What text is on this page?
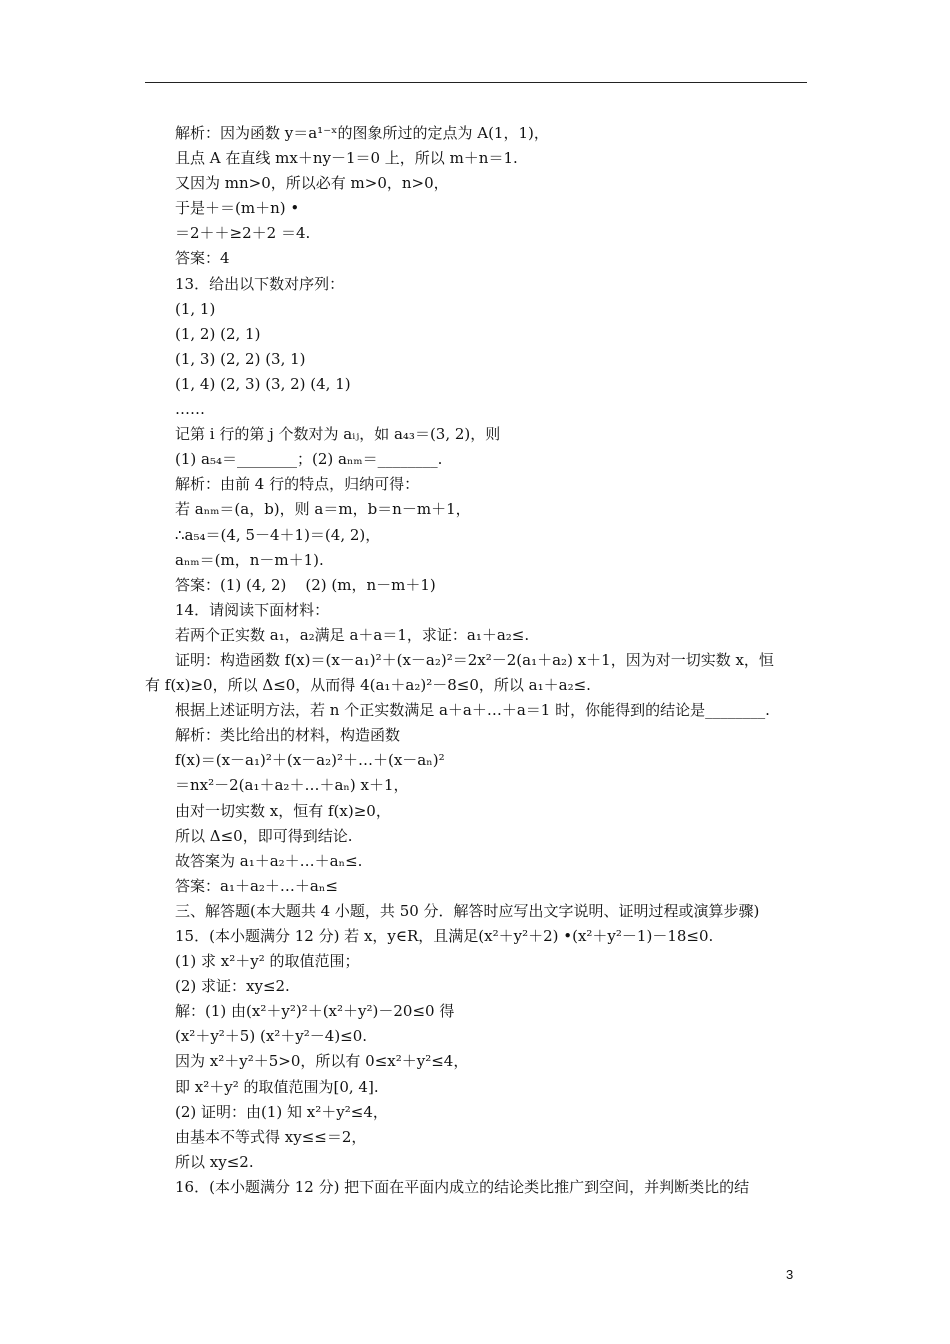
解析：因为函数 y＝a¹⁻ˣ的图象所过的定点为 A(1，1)，
且点 A 在直线 mx＋ny－1＝0 上，所以 m＋n＝1.
又因为 mn>0，所以必有 m>0，n>0，
于是＋＝(m＋n) •
＝2＋＋≥2＋2 ＝4.
答案：4
13．给出以下数对序列：
(1, 1)
(1, 2) (2, 1)
(1, 3) (2, 2) (3, 1)
(1, 4) (2, 3) (3, 2) (4, 1)
……
记第 i 行的第 j 个数对为 aᵢⱼ，如 a₄₃＝(3, 2)，则
(1) a₅₄＝________；(2) aₙₘ＝________.
解析：由前 4 行的特点，归纳可得：
若 aₙₘ＝(a，b)，则 a＝m，b＝n－m＋1，
∴a₅₄＝(4, 5－4＋1)＝(4, 2)，
aₙₘ＝(m，n－m＋1).
答案：(1) (4, 2)    (2) (m，n－m＋1)
14．请阅读下面材料：
若两个正实数 a₁，a₂满足 a＋a＝1，求证：a₁＋a₂≤.
证明：构造函数 f(x)＝(x－a₁)²＋(x－a₂)²＝2x²－2(a₁＋a₂) x＋1，因为对一切实数 x，恒
有 f(x)≥0，所以 Δ≤0，从而得 4(a₁＋a₂)²－8≤0，所以 a₁＋a₂≤.
根据上述证明方法，若 n 个正实数满足 a＋a＋…＋a＝1 时，你能得到的结论是________.
解析：类比给出的材料，构造函数
f(x)＝(x－a₁)²＋(x－a₂)²＋…＋(x－aₙ)²
＝nx²－2(a₁＋a₂＋…＋aₙ) x＋1，
由对一切实数 x，恒有 f(x)≥0，
所以 Δ≤0，即可得到结论.
故答案为 a₁＋a₂＋…＋aₙ≤.
答案：a₁＋a₂＋…＋aₙ≤
三、解答题(本大题共 4 小题，共 50 分．解答时应写出文字说明、证明过程或演算步骤)
15．(本小题满分 12 分) 若 x，y∈R，且满足(x²＋y²＋2) •(x²＋y²－1)－18≤0.
(1) 求 x²＋y² 的取值范围；
(2) 求证：xy≤2.
解：(1) 由(x²＋y²)²＋(x²＋y²)－20≤0 得
(x²＋y²＋5) (x²＋y²－4)≤0.
因为 x²＋y²＋5>0，所以有 0≤x²＋y²≤4，
即 x²＋y² 的取值范围为[0, 4].
(2) 证明：由(1) 知 x²＋y²≤4，
由基本不等式得 xy≤≤＝2，
所以 xy≤2.
16．(本小题满分 12 分) 把下面在平面内成立的结论类比推广到空间，并判断类比的结
3
